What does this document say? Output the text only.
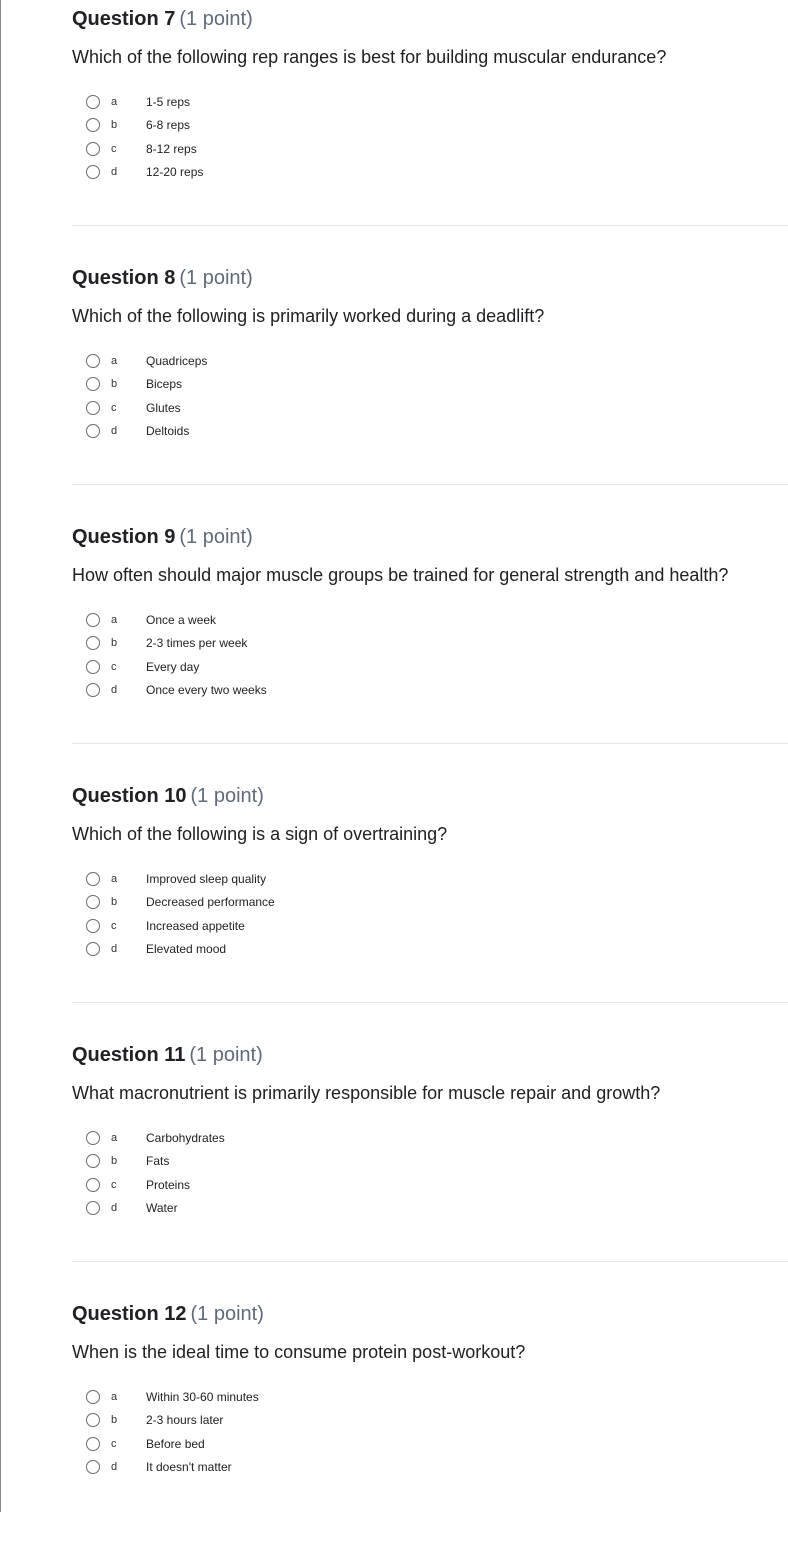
Question 7 (1 point)
Which of the following rep ranges is best for building muscular endurance?
a	1-5 reps
b	6-8 reps
c	8-12 reps
d	12-20 reps
Question 8 (1 point)
Which of the following is primarily worked during a deadlift?
a	Quadriceps
b	Biceps
c	Glutes
d	Deltoids
Question 9 (1 point)
How often should major muscle groups be trained for general strength and health?
a	Once a week
b	2-3 times per week
c	Every day
d	Once every two weeks
Question 10 (1 point)
Which of the following is a sign of overtraining?
a	Improved sleep quality
b	Decreased performance
c	Increased appetite
d	Elevated mood
Question 11 (1 point)
What macronutrient is primarily responsible for muscle repair and growth?
a	Carbohydrates
b	Fats
c	Proteins
d	Water
Question 12 (1 point)
When is the ideal time to consume protein post-workout?
a	Within 30-60 minutes
b	2-3 hours later
c	Before bed
d	It doesn't matter
